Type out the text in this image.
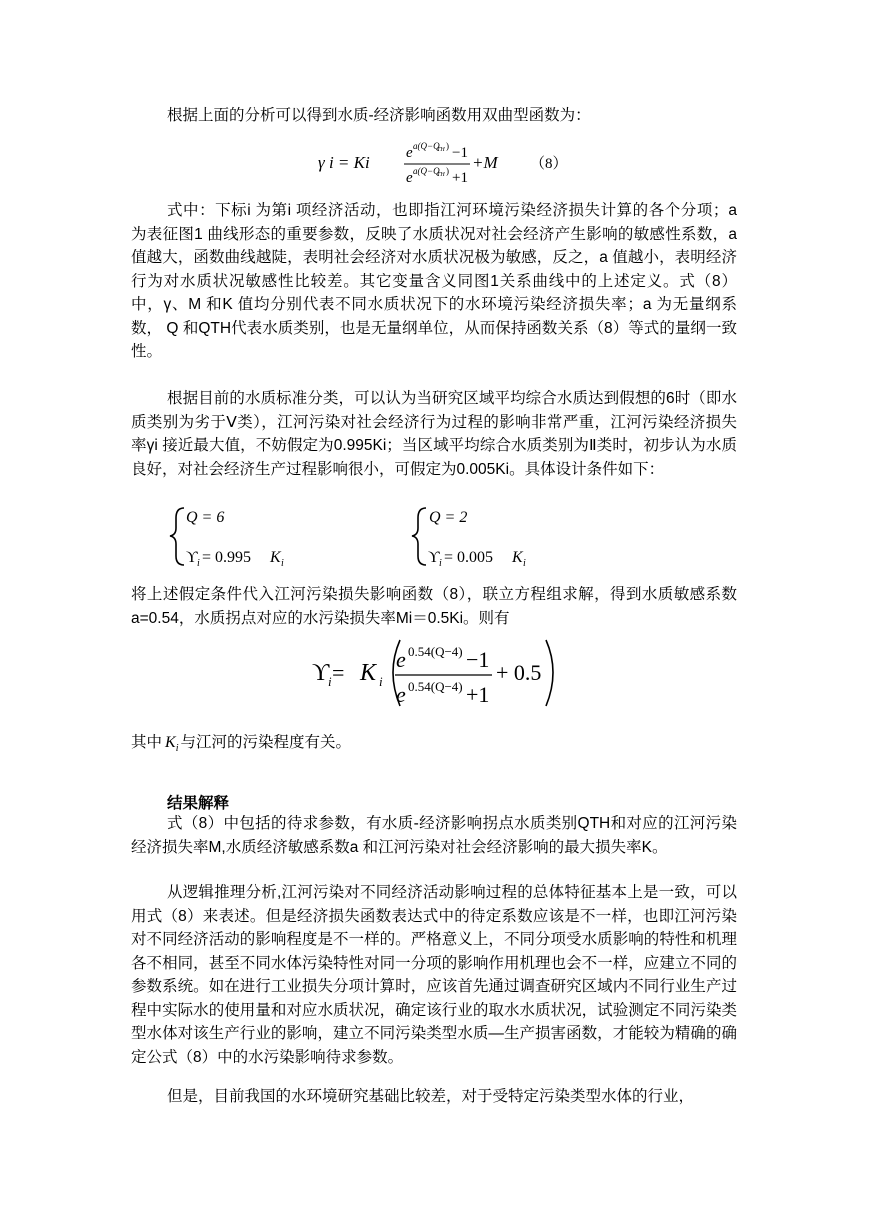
根据上面的分析可以得到水质-经济影响函数用双曲型函数为：

γ i = Ki e a(Q−Q
TH ) −1
e a(Q−Q
TH ) +1
+M （8）

式中：下标i 为第i 项经济活动，也即指江河环境污染经济损失计算的各个分项；a 为表征图1 曲线形态的重要参数，反映了水质状况对社会经济产生影响的敏感性系数，a 值越大，函数曲线越陡，表明社会经济对水质状况极为敏感，反之，a 值越小，表明经济行为对水质状况敏感性比较差。其它变量含义同图1关系曲线中的上述定义。式（8）中，γ、M 和K 值均分别代表不同水质状况下的水环境污染经济损失率；a 为无量纲系数， Q 和QTH代表水质类别，也是无量纲单位，从而保持函数关系（8）等式的量纲一致性。

根据目前的水质标准分类，可以认为当研究区域平均综合水质达到假想的6时（即水质类别为劣于Ⅴ类），江河污染对社会经济行为过程的影响非常严重，江河污染经济损失率γi 接近最大值，不妨假定为0.995Ki；当区域平均综合水质类别为Ⅱ类时，初步认为水质良好，对社会经济生产过程影响很小，可假定为0.005Ki。具体设计条件如下：

Q = 6
ϒ i = 0.995 K i
Q = 2
ϒ i = 0.005 K i

将上述假定条件代入江河污染损失影响函数（8），联立方程组求解，得到水质敏感系数a=0.54，水质拐点对应的水污染损失率Mi＝0.5Ki。则有

ϒ
i = K i
e 0.54(Q−4) −1
e 0.54(Q−4) +1
+ 0.5
其中 $K_i$ 与江河的污染程度有关。
结果解释

式（8）中包括的待求参数，有水质-经济影响拐点水质类别QTH和对应的江河污染经济损失率M,水质经济敏感系数a 和江河污染对社会经济影响的最大损失率K。

从逻辑推理分析,江河污染对不同经济活动影响过程的总体特征基本上是一致，可以用式（8）来表述。但是经济损失函数表达式中的待定系数应该是不一样，也即江河污染对不同经济活动的影响程度是不一样的。严格意义上，不同分项受水质影响的特性和机理各不相同，甚至不同水体污染特性对同一分项的影响作用机理也会不一样，应建立不同的参数系统。如在进行工业损失分项计算时，应该首先通过调查研究区域内不同行业生产过程中实际水的使用量和对应水质状况，确定该行业的取水水质状况，试验测定不同污染类型水体对该生产行业的影响，建立不同污染类型水质—生产损害函数，才能较为精确的确定公式（8）中的水污染影响待求参数。

但是，目前我国的水环境研究基础比较差，对于受特定污染类型水体的行业，
